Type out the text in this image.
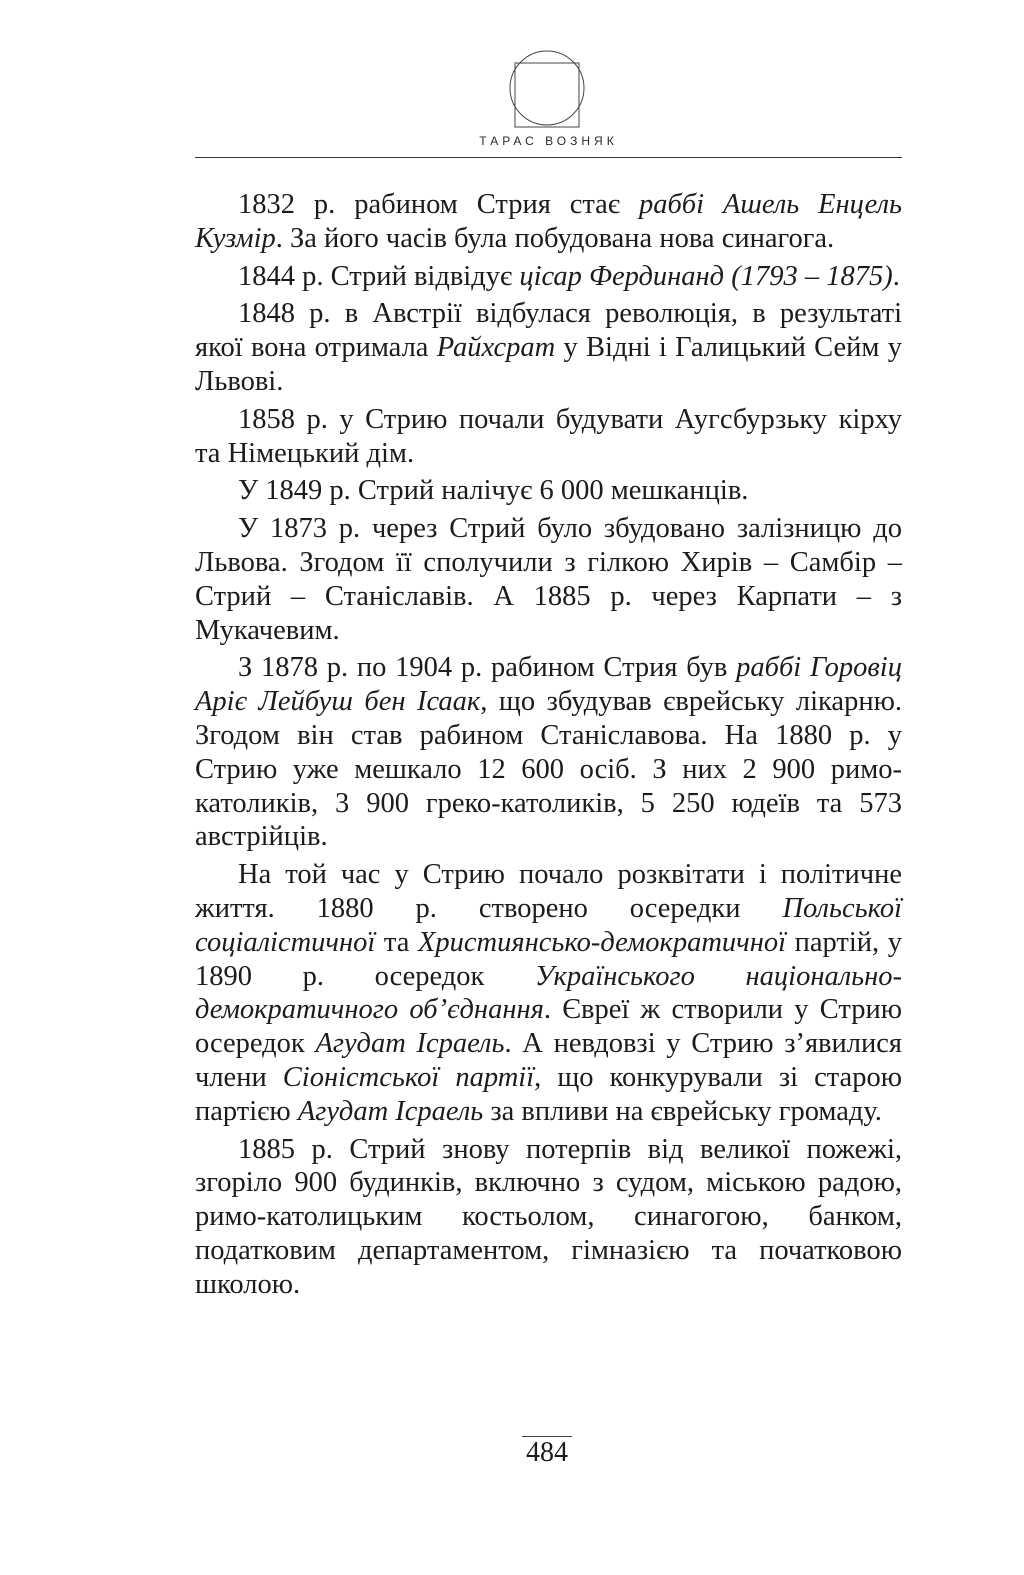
ТАРАС ВОЗНЯК

1832 р. рабином Стрия стає раббі Ашель Енцель Кузмір. За його часів була побудована нова синагога.

1844 р. Стрий відвідує цісар Фердинанд (1793 – 1875).

1848 р. в Австрії відбулася революція, в результаті якої вона отримала Райхсрат у Відні і Галицький Сейм у Львові.

1858 р. у Стрию почали будувати Аугсбурзьку кірху та Німецький дім.

У 1849 р. Стрий налічує 6 000 мешканців.

У 1873 р. через Стрий було збудовано залізницю до Львова. Згодом її сполучили з гілкою Хирів – Самбір – Стрий – Станіславів. А 1885 р. через Карпати – з Мукачевим.

З 1878 р. по 1904 р. рабином Стрия був раббі Горовіц Аріє Лейбуш бен Ісаак, що збудував єврейську лікарню. Згодом він став рабином Станіславова. На 1880 р. у Стрию уже мешкало 12 600 осіб. З них 2 900 римо-католиків, 3 900 греко-католиків, 5 250 юдеїв та 573 австрійців.

На той час у Стрию почало розквітати і політичне життя. 1880 р. створено осередки Польської соціалістичної та Християнсько-демократичної партій, у 1890 р. осередок Українського національно-демократичного об’єднання. Євреї ж створили у Стрию осередок Агудат Ісраель. А невдовзі у Стрию з’явилися члени Сіоністської партії, що конкурували зі старою партією Агудат Ісраель за впливи на єврейську громаду.

1885 р. Стрий знову потерпів від великої пожежі, згоріло 900 будинків, включно з судом, міською радою, римо-католицьким костьолом, синагогою, банком, податковим департаментом, гімназією та початковою школою.

484
